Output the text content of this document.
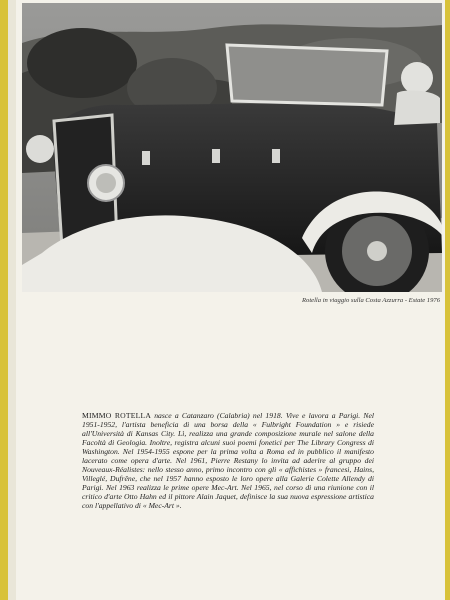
Rotella in viaggio sulla Costa Azzurra - Estate 1976
MIMMO ROTELLA nasce a Catanzaro (Calabria) nel 1918. Vive e lavora a Parigi. Nel 1951-1952, l'artista beneficia di una borsa della « Fulbright Foundation » e risiede all'Università di Kansas City. Lì, realizza una grande composizione murale nel salone della Facoltà di Geologia. Inoltre, registra alcuni suoi poemi fonetici per The Library Congress di Washington. Nel 1954-1955 espone per la prima volta a Roma ed in pubblico il manifesto lacerato come opera d'arte. Nel 1961, Pierre Restany lo invita ad aderire al gruppo dei Nouveaux-Réalistes: nello stesso anno, primo incontro con gli « affichistes » francesi, Hains, Villeglé, Dufrêne, che nel 1957 hanno esposto le loro opere alla Galerie Colette Allendy di Parigi. Nel 1963 realizza le prime opere Mec-Art. Nel 1965, nel corso di una riunione con il critico d'arte Otto Hahn ed il pittore Alain Jaquet, definisce la sua nuova espressione artistica con l'appellativo di « Mec-Art ».
